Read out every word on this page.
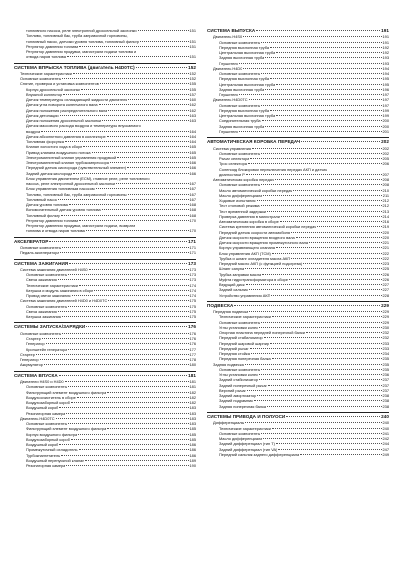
топливного насоса, реле электронной дроссельной заслонки	151
Топливо, топливный бак, труба заправочной горловины,
топливный насос, датчики уровня топлива, топливный фильтр	151
Регулятор давления топлива	151
Регулятор давления продувки, магистрали подачи топлива и
отвода паров топлива	151
СИСТЕМА ВПРЫСКА ТОПЛИВА (двигатель H4D0TC)	152
Технические характеристики	152
Основные компоненты	152
Снятие, проверка и установка компонентов	155
Корпус дроссельной заслонки	155
Впускной коллектор	157
Датчик температуры охлаждающей жидкости двигателя	160
Датчик угла поворота коленчатого вала	162
Датчик положения распределительного вала	162
Датчик детонации	163
Датчик положения дроссельной заслонки	163
Датчик массового расхода воздуха и температуры впускаемого
воздуха	164
Датчик абсолютного давления в коллекторе	164
Топливная форсунка	164
Клапан холостого хода в сборе	165
Привод клапана воздушного потока	165
Электромагнитный клапан управления продувкой	165
Электромагнитный клапан турбокомпрессора	166
Передний датчик кислорода (чувствительный элемент)	166
Задний датчик кислорода	166
Блок управления двигателем (ECM), главное реле, реле топливного
насоса, реле электронной дроссельной заслонки	167
Блок управления топливным насосом	167
Топливо, топливный бак, труба заправочной горловины	167
Топливный насос	167
Датчик уровня топлива	168
Вспомогательный датчик уровня топлива	168
Топливный фильтр	168
Регулятор давления топлива	170
Регулятор давления продувки, магистрали подачи, возврата
топлива и отвода паров топлива	170
АКСЕЛЕРАТОР	171
Основные компоненты	171
Педаль акселератора	171
СИСТЕМА ЗАЖИГАНИЯ	173
Система зажигания двигателей H4S0	173
Основные компоненты	173
Свеча зажигания	173
Технические характеристики	174
Катушка и модуль зажигания в сборе	174
Провод свечи зажигания	174
Система зажигания двигателей H4D0 и H4D0TC	175
Основные компоненты	175
Свеча зажигания	175
Катушка зажигания	175
СИСТЕМЫ ЗАПУСКА/ЗАРЯДКИ	176
Основные компоненты	176
Стартер	176
Генератор	176
Кронштейн генератора	177
Стартер	177
Генератор	178
Аккумулятор	180
СИСТЕМА ВПУСКА	181
Двигатели H4S0 и H4D0	181
Основные компоненты	181
Фильтрующий элемент воздушного фильтра	182
Воздухоочиститель в сборе	182
Воздухозаборный короб	182
Воздушный короб	183
Резонаторная камера	183
Двигатель H4D0TC	183
Основные компоненты	183
Фильтрующий элемент воздушного фильтра	185
Корпус воздушного фильтра	185
Воздухозаборный короб	185
Воздушный короб	186
Промежуточный охладитель	186
Турбокнагнетатель	186
Воздушный перепускной клапан	189
Резонаторная камера	190
СИСТЕМА ВЫПУСКА	191
Двигатель H4S0	191
Основные компоненты	191
Передняя выхлопная труба	192
Центральная выхлопная труба	192
Задняя выхлопная труба	193
Глушитель	193
Двигатель H4D0	194
Основные компоненты	194
Передняя выхлопная труба	195
Центральная выхлопная труба	195
Задняя выхлопная труба	196
Глушитель	197
Двигатель H4D0TC	197
Основные компоненты	197
Передняя выхлопная труба	199
Центральная выхлопная труба	199
Соединительная труба	200
Задняя выхлопная труба	200
Глушитель	201
АВТОМАТИЧЕСКАЯ КОРОБКА ПЕРЕДАЧ	202
Система управления	202
Основные компоненты	202
Рычаг селектора	205
Трос селектора	206
Соленоид блокировки переключения передач АКП и датчик
диагностики P	207
Автоматическая коробка передач	208
Основные компоненты	208
Масло автоматической коробки передач	210
Масло дифференциала	211
Ходовые испытания	212
Тест стоповой режима	212
Тест временной задержки	213
Проверка давления в магистрали	214
Автоматическая коробка в сборе	216
Система крепления автоматической коробки передач	219
Передний датчик скорости автомобиля	220
Датчик скорости вращения входного вала	220
Датчик скорости вращения промежуточного вала	221
Корпус управляющего клапана	221
Блок управления АКП (TCM)	222
Трубка и шланг охладителя масла АКП	222
Передний масло АКП (с функцией подогрева)	223
Шланг сапуна	225
Трубка заправки масла	226
Муфта гидротрансформатора в сборе	226
Ведущий диск	227
Задний сальник	227
Устройство управления АКП	228
ПОДВЕСКА	229
Передняя подвеска	229
Технические характеристики	229
Основные компоненты	229
Углы установки колес	230
Опорная пластина передней поперечной балки	232
Передний стабилизатор	232
Передний шаровой шарнир	233
Передний рычаг	233
Передняя стойка	234
Передняя поперечная балка	235
Задняя подвеска	235
Основные компоненты	235
Углы установки колес	236
Задний стабилизатор	237
Задний поперечный рычаг	237
Верхний рычаг	237
Задний амортизатор	238
Задний подрамник	238
Задняя поперечная балка	238
СИСТЕМЫ ПРИВОДА И ПОЛУОСИ	240
Дифференциалы	240
Технические характеристики	240
Основные компоненты	241
Масло дифференциала	242
Задний дифференциал (тип T)	244
Задний дифференциал (тип VA)	247
Передний сальник заднего дифференциала	249
